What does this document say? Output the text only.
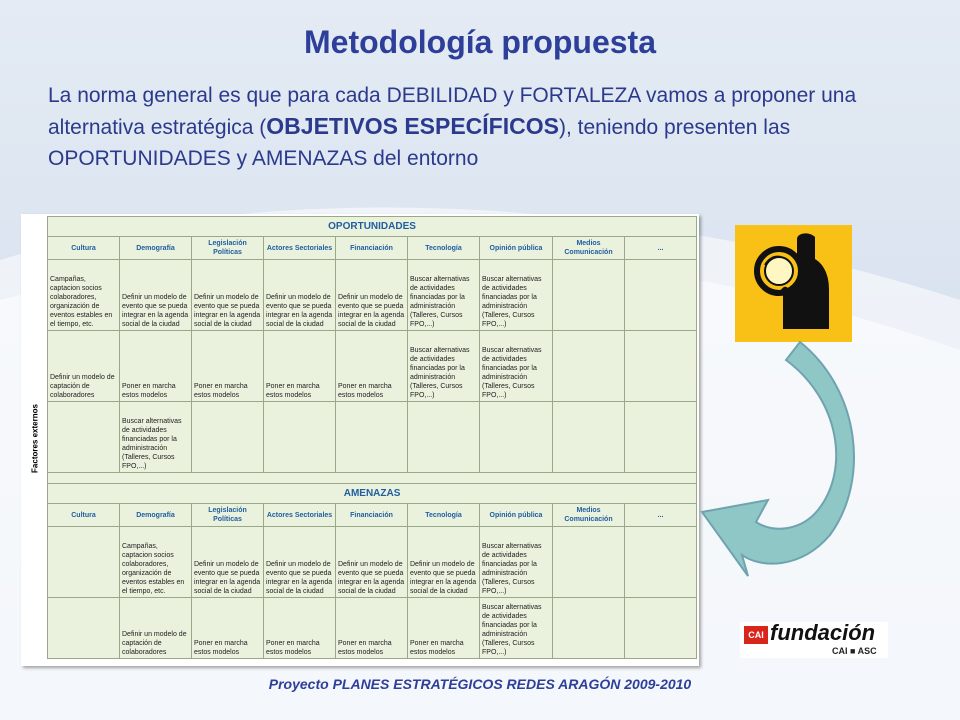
Metodología propuesta
La norma general es que para cada DEBILIDAD y FORTALEZA vamos a proponer una alternativa estratégica (OBJETIVOS ESPECÍFICOS), teniendo presenten las OPORTUNIDADES y AMENAZAS del entorno
Factores externos
OPORTUNIDADES								
Cultura	Demografía	Legislación Políticas	Actores Sectoriales	Financiación	Tecnología	Opinión pública	Medios Comunicación	...
Campañas, captacion socios colaboradores, organización de eventos estables en el tiempo, etc.	Definir un modelo de evento que se pueda integrar en la agenda social de la ciudad	Definir un modelo de evento que se pueda integrar en la agenda social de la ciudad	Definir un modelo de evento que se pueda integrar en la agenda social de la ciudad	Definir un modelo de evento que se pueda integrar en la agenda social de la ciudad	Buscar alternativas de actividades financiadas por la administración (Talleres, Cursos FPO,...)	Buscar alternativas de actividades financiadas por la administración (Talleres, Cursos FPO,...)		
Definir un modelo de captación de colaboradores	Poner en marcha estos modelos	Poner en marcha estos modelos	Poner en marcha estos modelos	Poner en marcha estos modelos	Buscar alternativas de actividades financiadas por la administración (Talleres, Cursos FPO,...)	Buscar alternativas de actividades financiadas por la administración (Talleres, Cursos FPO,...)		
	Buscar alternativas de actividades financiadas por la administración (Talleres, Cursos FPO,...)							

AMENAZAS								
Cultura	Demografía	Legislación Políticas	Actores Sectoriales	Financiación	Tecnología	Opinión pública	Medios Comunicación	...
	Campañas, captacion socios colaboradores, organización de eventos estables en el tiempo, etc.	Definir un modelo de evento que se pueda integrar en la agenda social de la ciudad	Definir un modelo de evento que se pueda integrar en la agenda social de la ciudad	Definir un modelo de evento que se pueda integrar en la agenda social de la ciudad	Definir un modelo de evento que se pueda integrar en la agenda social de la ciudad	Buscar alternativas de actividades financiadas por la administración (Talleres, Cursos FPO,...)		
	Definir un modelo de captación de colaboradores	Poner en marcha estos modelos	Poner en marcha estos modelos	Poner en marcha estos modelos	Poner en marcha estos modelos	Buscar alternativas de actividades financiadas por la administración (Talleres, Cursos FPO,...)		
CAI fundación
CAI ■ ASC
Proyecto PLANES ESTRATÉGICOS REDES ARAGÓN 2009-2010
